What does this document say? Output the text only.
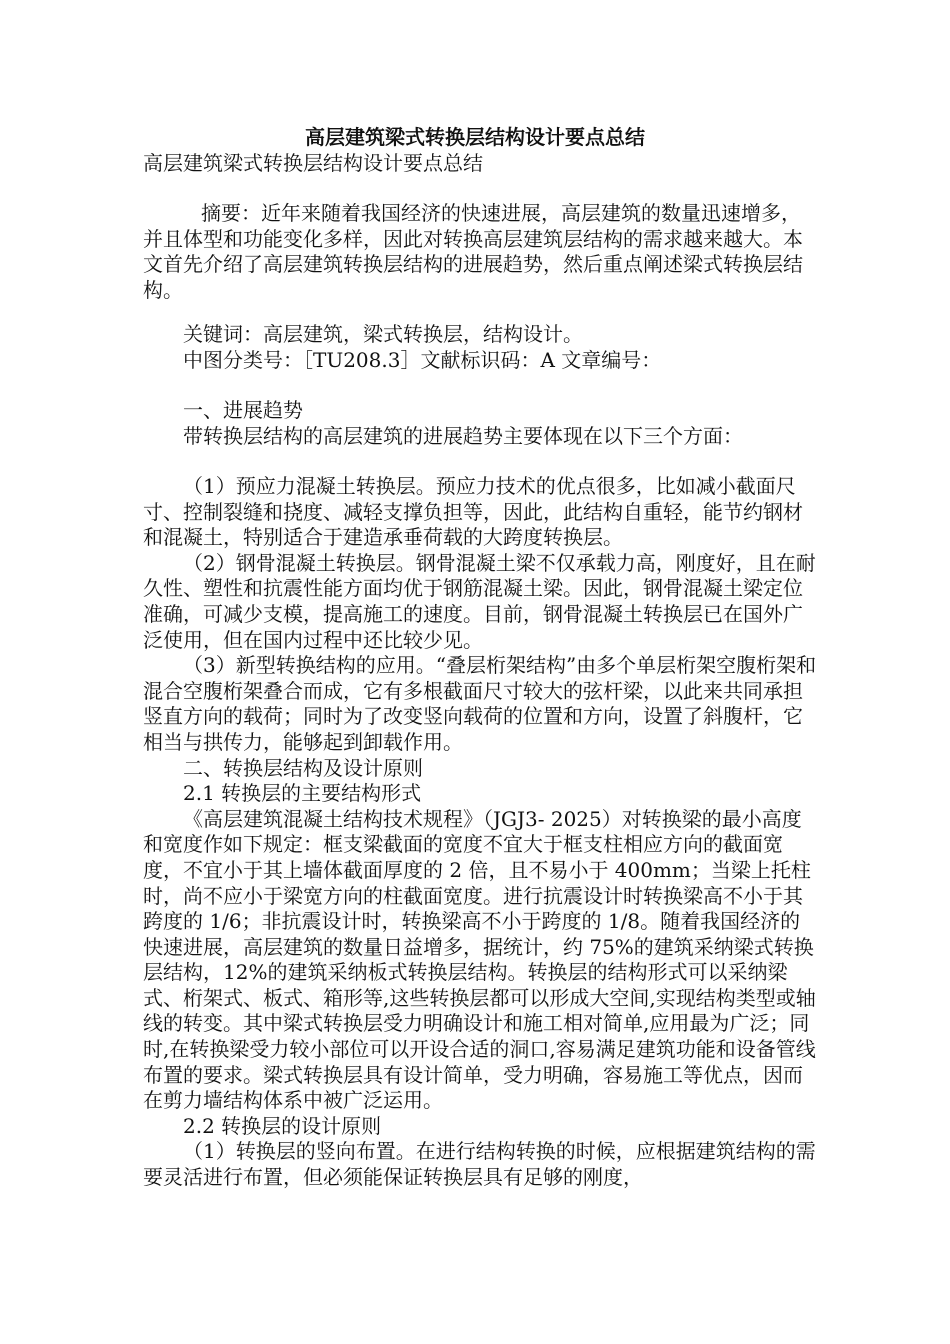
高层建筑梁式转换层结构设计要点总结

高层建筑梁式转换层结构设计要点总结

摘要：近年来随着我国经济的快速进展，高层建筑的数量迅速增多，并且体型和功能变化多样，因此对转换高层建筑层结构的需求越来越大。本文首先介绍了高层建筑转换层结构的进展趋势，然后重点阐述梁式转换层结构。

关键词：高层建筑，梁式转换层，结构设计。

中图分类号：［TU208.3］文献标识码：A 文章编号：

一、进展趋势

带转换层结构的高层建筑的进展趋势主要体现在以下三个方面：

（1）预应力混凝土转换层。预应力技术的优点很多，比如减小截面尺寸、控制裂缝和挠度、减轻支撑负担等，因此，此结构自重轻，能节约钢材和混凝土，特别适合于建造承垂荷载的大跨度转换层。

（2）钢骨混凝土转换层。钢骨混凝土梁不仅承载力高，刚度好，且在耐久性、塑性和抗震性能方面均优于钢筋混凝土梁。因此，钢骨混凝土梁定位准确，可减少支模，提高施工的速度。目前，钢骨混凝土转换层已在国外广泛使用，但在国内过程中还比较少见。

（3）新型转换结构的应用。“叠层桁架结构”由多个单层桁架空腹桁架和混合空腹桁架叠合而成，它有多根截面尺寸较大的弦杆梁，以此来共同承担竖直方向的载荷；同时为了改变竖向载荷的位置和方向，设置了斜腹杆，它相当与拱传力，能够起到卸载作用。

二、转换层结构及设计原则

2.1 转换层的主要结构形式

《高层建筑混凝土结构技术规程》（JGJ3- 2025）对转换梁的最小高度和宽度作如下规定：框支梁截面的宽度不宜大于框支柱相应方向的截面宽度，不宜小于其上墙体截面厚度的 2 倍，且不易小于 400mm；当梁上托柱时，尚不应小于梁宽方向的柱截面宽度。进行抗震设计时转换梁高不小于其跨度的 1/6；非抗震设计时，转换梁高不小于跨度的 1/8。随着我国经济的快速进展，高层建筑的数量日益增多，据统计，约 75%的建筑采纳梁式转换层结构，12%的建筑采纳板式转换层结构。转换层的结构形式可以采纳梁式、桁架式、板式、箱形等,这些转换层都可以形成大空间,实现结构类型或轴线的转变。其中梁式转换层受力明确设计和施工相对简单,应用最为广泛；同时,在转换梁受力较小部位可以开设合适的洞口,容易满足建筑功能和设备管线布置的要求。梁式转换层具有设计简单，受力明确，容易施工等优点，因而在剪力墙结构体系中被广泛运用。

2.2 转换层的设计原则

（1）转换层的竖向布置。在进行结构转换的时候，应根据建筑结构的需要灵活进行布置，但必须能保证转换层具有足够的刚度，
